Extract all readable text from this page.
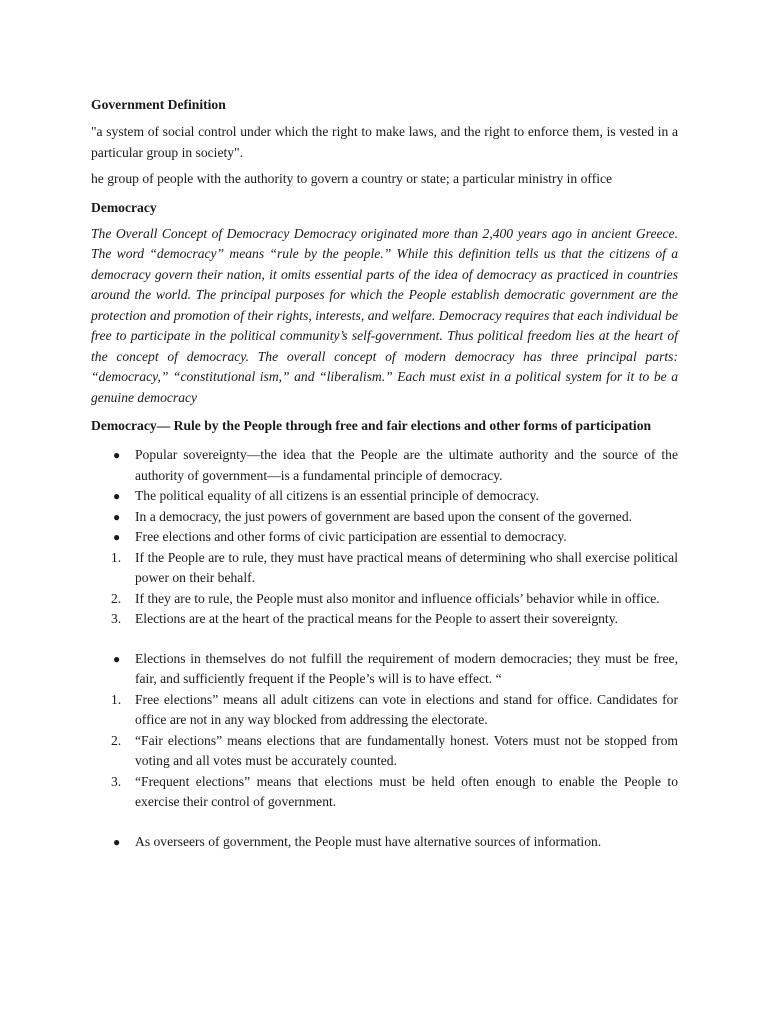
Government Definition

"a system of social control under which the right to make laws, and the right to enforce them, is vested in a particular group in society".

he group of people with the authority to govern a country or state; a particular ministry in office

Democracy

The Overall Concept of Democracy Democracy originated more than 2,400 years ago in ancient Greece. The word “democracy” means “rule by the people.” While this definition tells us that the citizens of a democracy govern their nation, it omits essential parts of the idea of democracy as practiced in countries around the world. The principal purposes for which the People establish democratic government are the protection and promotion of their rights, interests, and welfare. Democracy requires that each individual be free to participate in the political community’s self-government. Thus political freedom lies at the heart of the concept of democracy. The overall concept of modern democracy has three principal parts: “democracy,” “constitutional ism,” and “liberalism.” Each must exist in a political system for it to be a genuine democracy

Democracy— Rule by the People through free and fair elections and other forms of participation

●	Popular sovereignty—the idea that the People are the ultimate authority and the source of the authority of government—is a fundamental principle of democracy.
●	The political equality of all citizens is an essential principle of democracy.
●	In a democracy, the just powers of government are based upon the consent of the governed.
●	Free elections and other forms of civic participation are essential to democracy.
1.	If the People are to rule, they must have practical means of determining who shall exercise political power on their behalf.
2.	If they are to rule, the People must also monitor and influence officials’ behavior while in office.
3.	Elections are at the heart of the practical means for the People to assert their sovereignty.
●	Elections in themselves do not fulfill the requirement of modern democracies; they must be free, fair, and sufficiently frequent if the People’s will is to have effect. “
1.	Free elections” means all adult citizens can vote in elections and stand for office. Candidates for office are not in any way blocked from addressing the electorate.
2.	“Fair elections” means elections that are fundamentally honest. Voters must not be stopped from voting and all votes must be accurately counted.
3.	“Frequent elections” means that elections must be held often enough to enable the People to exercise their control of government.
●	As overseers of government, the People must have alternative sources of information.
